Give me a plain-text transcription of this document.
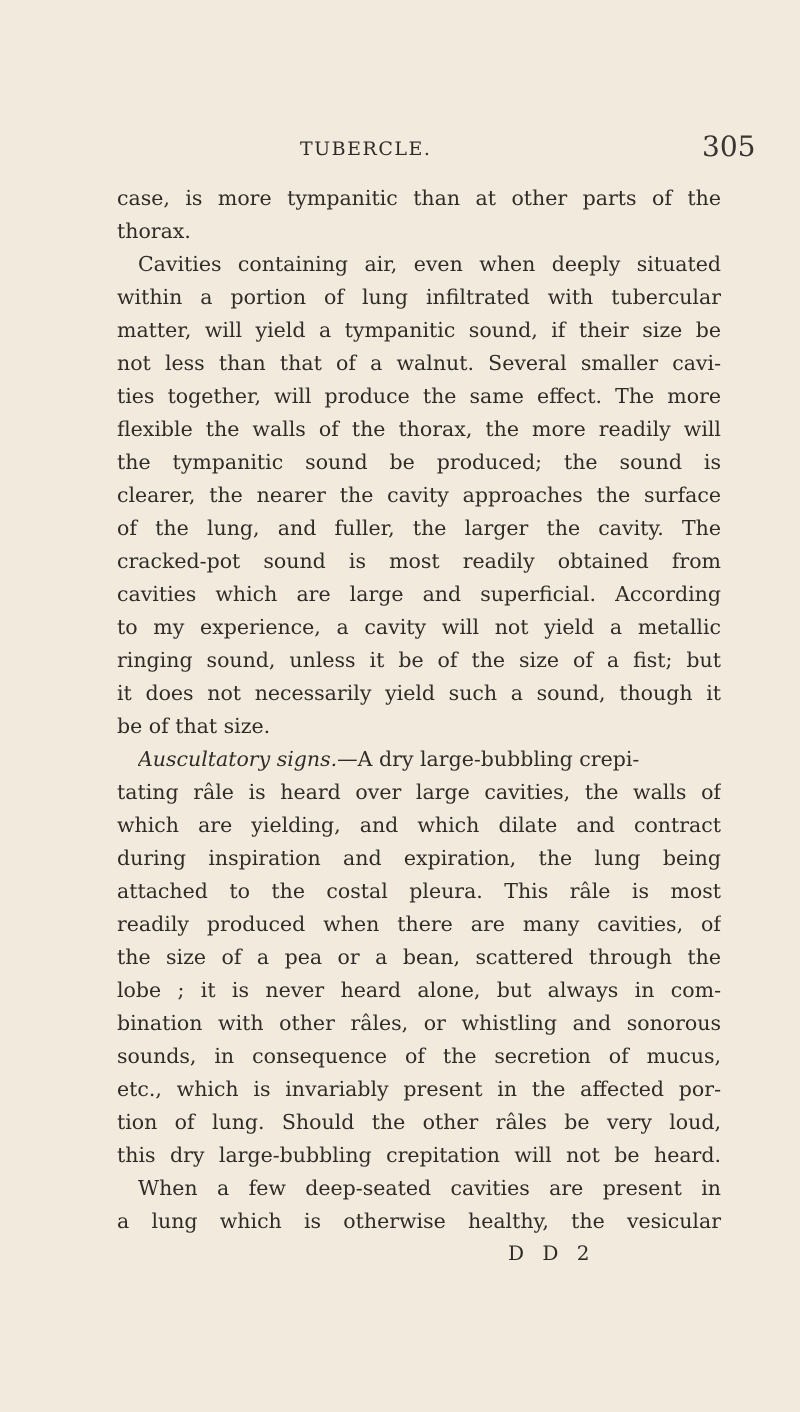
TUBERCLE.	305
case, is more tympanitic than at other parts of the
thorax.
Cavities containing air, even when deeply situated
within a portion of lung infiltrated with tubercular
matter, will yield a tympanitic sound, if their size be
not less than that of a walnut. Several smaller cavi-
ties together, will produce the same effect. The more
flexible the walls of the thorax, the more readily will
the tympanitic sound be produced; the sound is
clearer, the nearer the cavity approaches the surface
of the lung, and fuller, the larger the cavity. The
cracked-pot sound is most readily obtained from
cavities which are large and superficial. According
to my experience, a cavity will not yield a metallic
ringing sound, unless it be of the size of a fist; but
it does not necessarily yield such a sound, though it
be of that size.
Auscultatory signs.—A dry large-bubbling crepi-
tating râle is heard over large cavities, the walls of
which are yielding, and which dilate and contract
during inspiration and expiration, the lung being
attached to the costal pleura. This râle is most
readily produced when there are many cavities, of
the size of a pea or a bean, scattered through the
lobe ; it is never heard alone, but always in com-
bination with other râles, or whistling and sonorous
sounds, in consequence of the secretion of mucus,
etc., which is invariably present in the affected por-
tion of lung. Should the other râles be very loud,
this dry large-bubbling crepitation will not be heard.
When a few deep-seated cavities are present in
a lung which is otherwise healthy, the vesicular
D D 2
